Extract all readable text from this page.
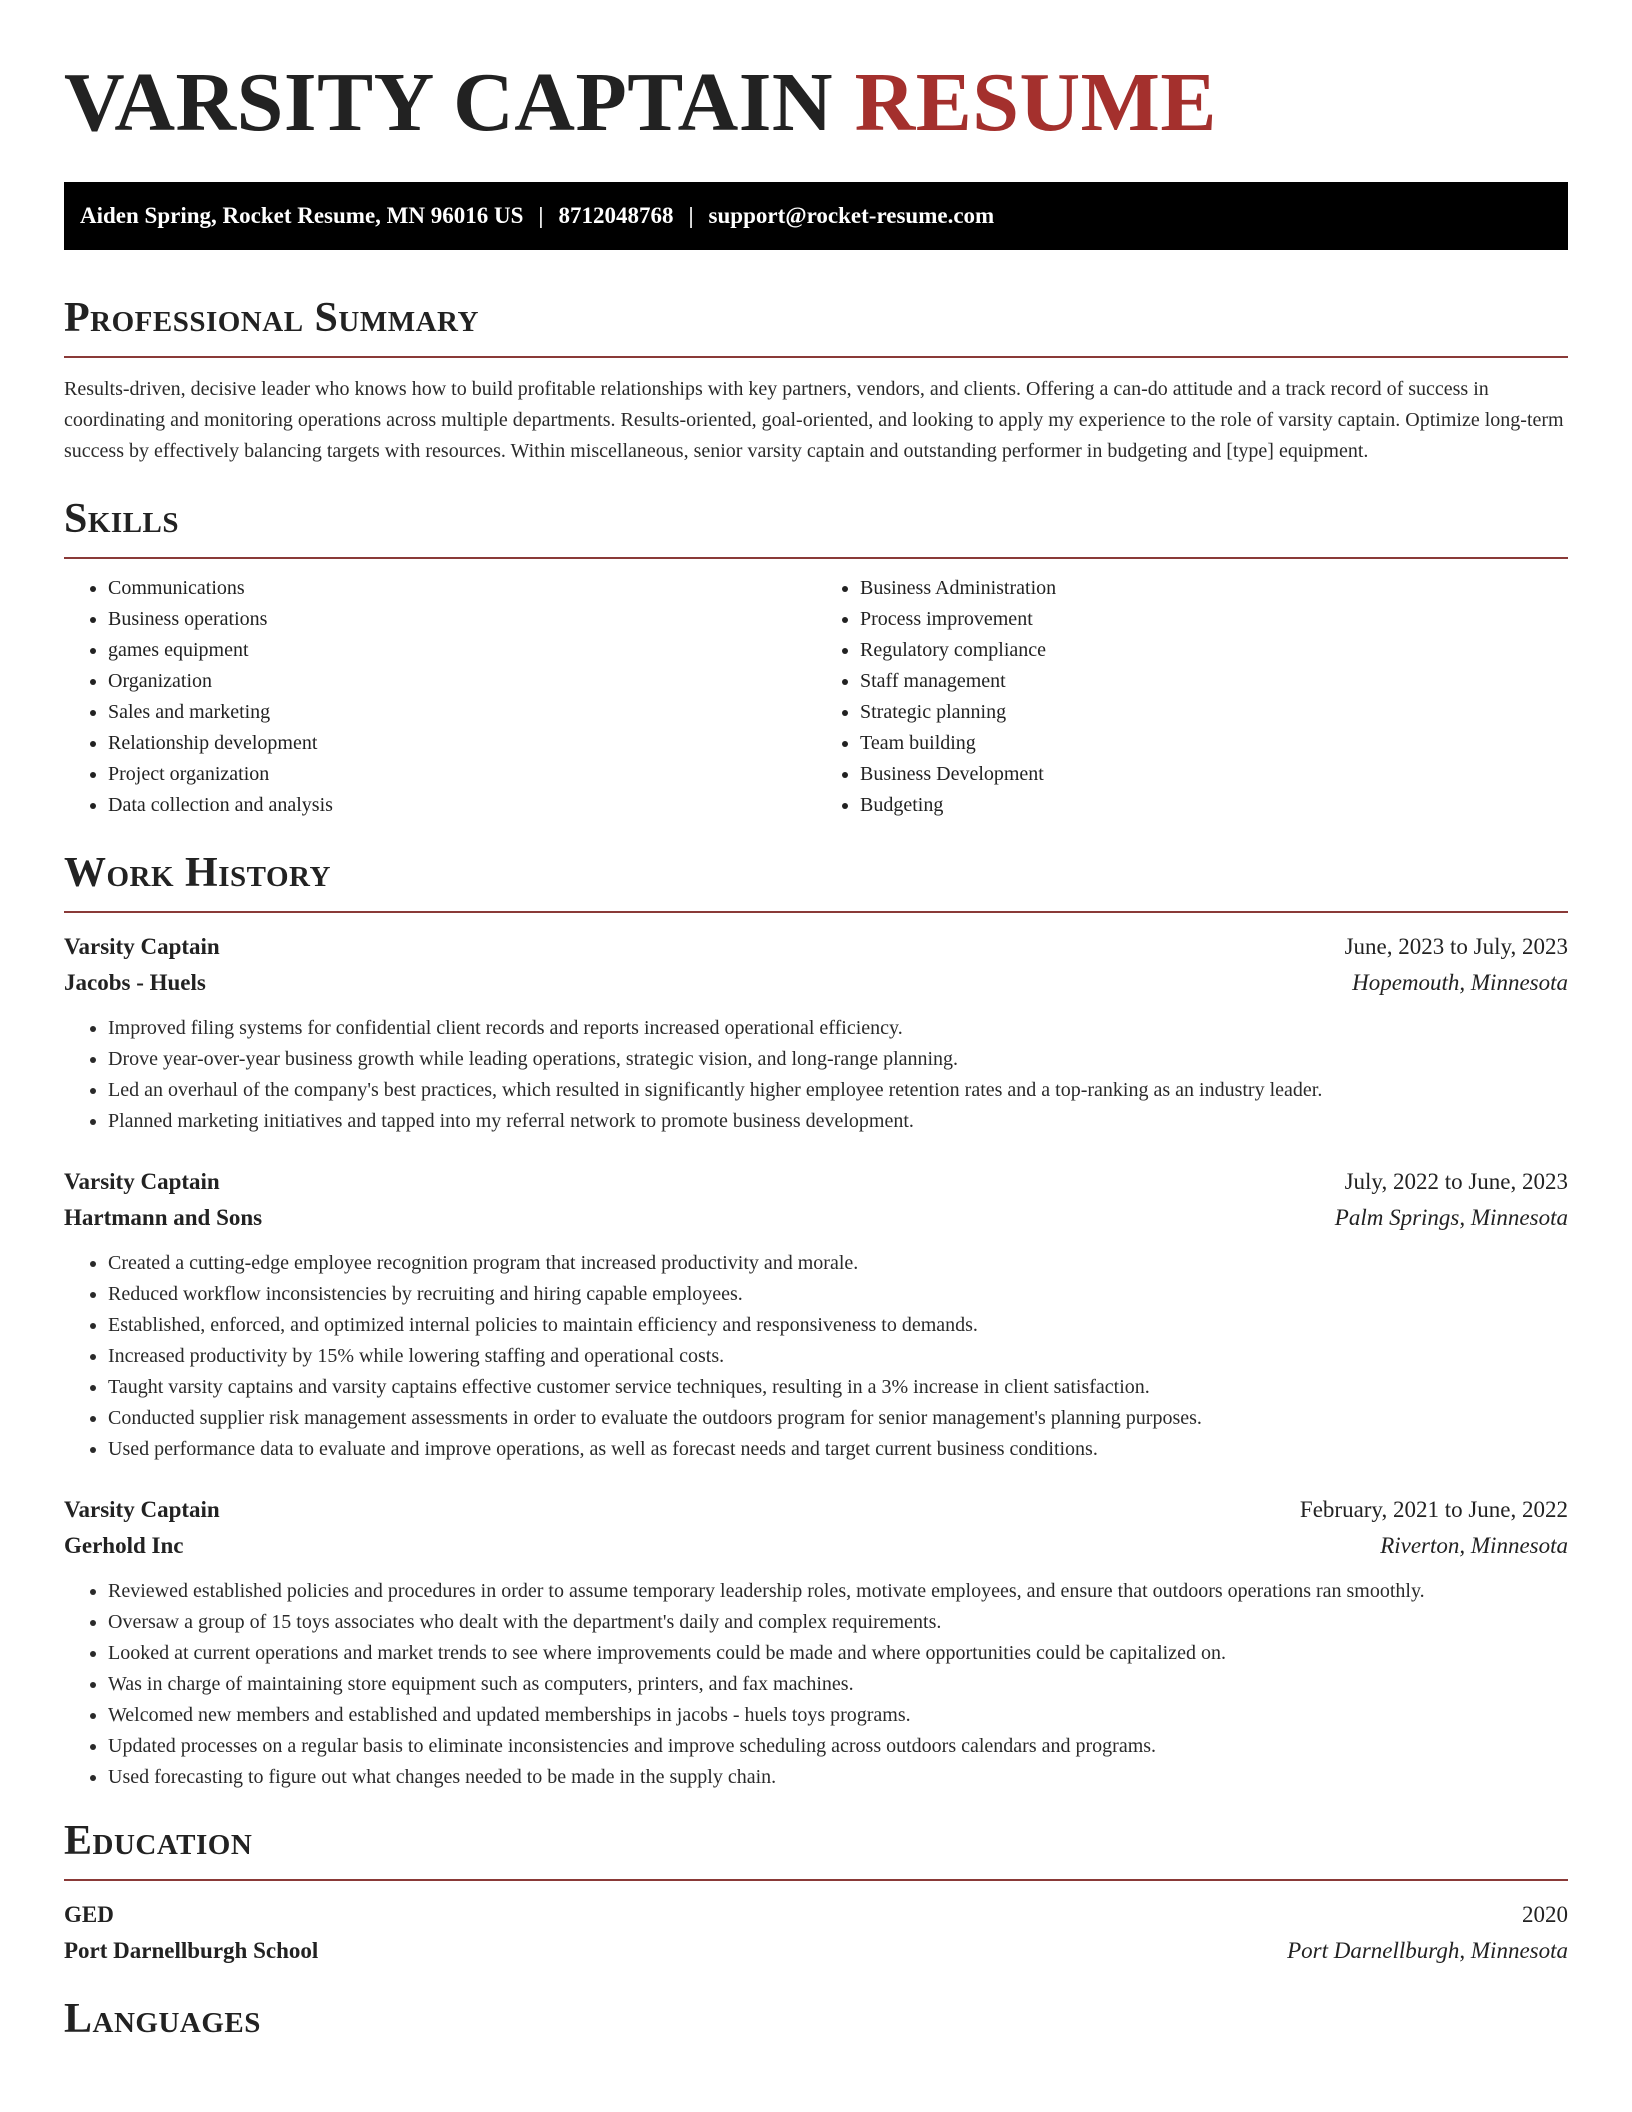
VARSITY CAPTAIN RESUME
Aiden Spring, Rocket Resume, MN 96016 US | 8712048768 | support@rocket-resume.com
Professional Summary

Results-driven, decisive leader who knows how to build profitable relationships with key partners, vendors, and clients. Offering a can-do attitude and a track record of success in coordinating and monitoring operations across multiple departments. Results-oriented, goal-oriented, and looking to apply my experience to the role of varsity captain. Optimize long-term success by effectively balancing targets with resources. Within miscellaneous, senior varsity captain and outstanding performer in budgeting and [type] equipment.

Skills
• Communications
• Business operations
• games equipment
• Organization
• Sales and marketing
• Relationship development
• Project organization
• Data collection and analysis
• Business Administration
• Process improvement
• Regulatory compliance
• Staff management
• Strategic planning
• Team building
• Business Development
• Budgeting
Work History
Varsity Captain	June, 2023 to July, 2023
Jacobs - Huels	Hopemouth, Minnesota
• Improved filing systems for confidential client records and reports increased operational efficiency.
• Drove year-over-year business growth while leading operations, strategic vision, and long-range planning.
• Led an overhaul of the company's best practices, which resulted in significantly higher employee retention rates and a top-ranking as an industry leader.
• Planned marketing initiatives and tapped into my referral network to promote business development.
Varsity Captain	July, 2022 to June, 2023
Hartmann and Sons	Palm Springs, Minnesota
• Created a cutting-edge employee recognition program that increased productivity and morale.
• Reduced workflow inconsistencies by recruiting and hiring capable employees.
• Established, enforced, and optimized internal policies to maintain efficiency and responsiveness to demands.
• Increased productivity by 15% while lowering staffing and operational costs.
• Taught varsity captains and varsity captains effective customer service techniques, resulting in a 3% increase in client satisfaction.
• Conducted supplier risk management assessments in order to evaluate the outdoors program for senior management's planning purposes.
• Used performance data to evaluate and improve operations, as well as forecast needs and target current business conditions.
Varsity Captain	February, 2021 to June, 2022
Gerhold Inc	Riverton, Minnesota
• Reviewed established policies and procedures in order to assume temporary leadership roles, motivate employees, and ensure that outdoors operations ran smoothly.
• Oversaw a group of 15 toys associates who dealt with the department's daily and complex requirements.
• Looked at current operations and market trends to see where improvements could be made and where opportunities could be capitalized on.
• Was in charge of maintaining store equipment such as computers, printers, and fax machines.
• Welcomed new members and established and updated memberships in jacobs - huels toys programs.
• Updated processes on a regular basis to eliminate inconsistencies and improve scheduling across outdoors calendars and programs.
• Used forecasting to figure out what changes needed to be made in the supply chain.
Education
GED	2020
Port Darnellburgh School	Port Darnellburgh, Minnesota
Languages
